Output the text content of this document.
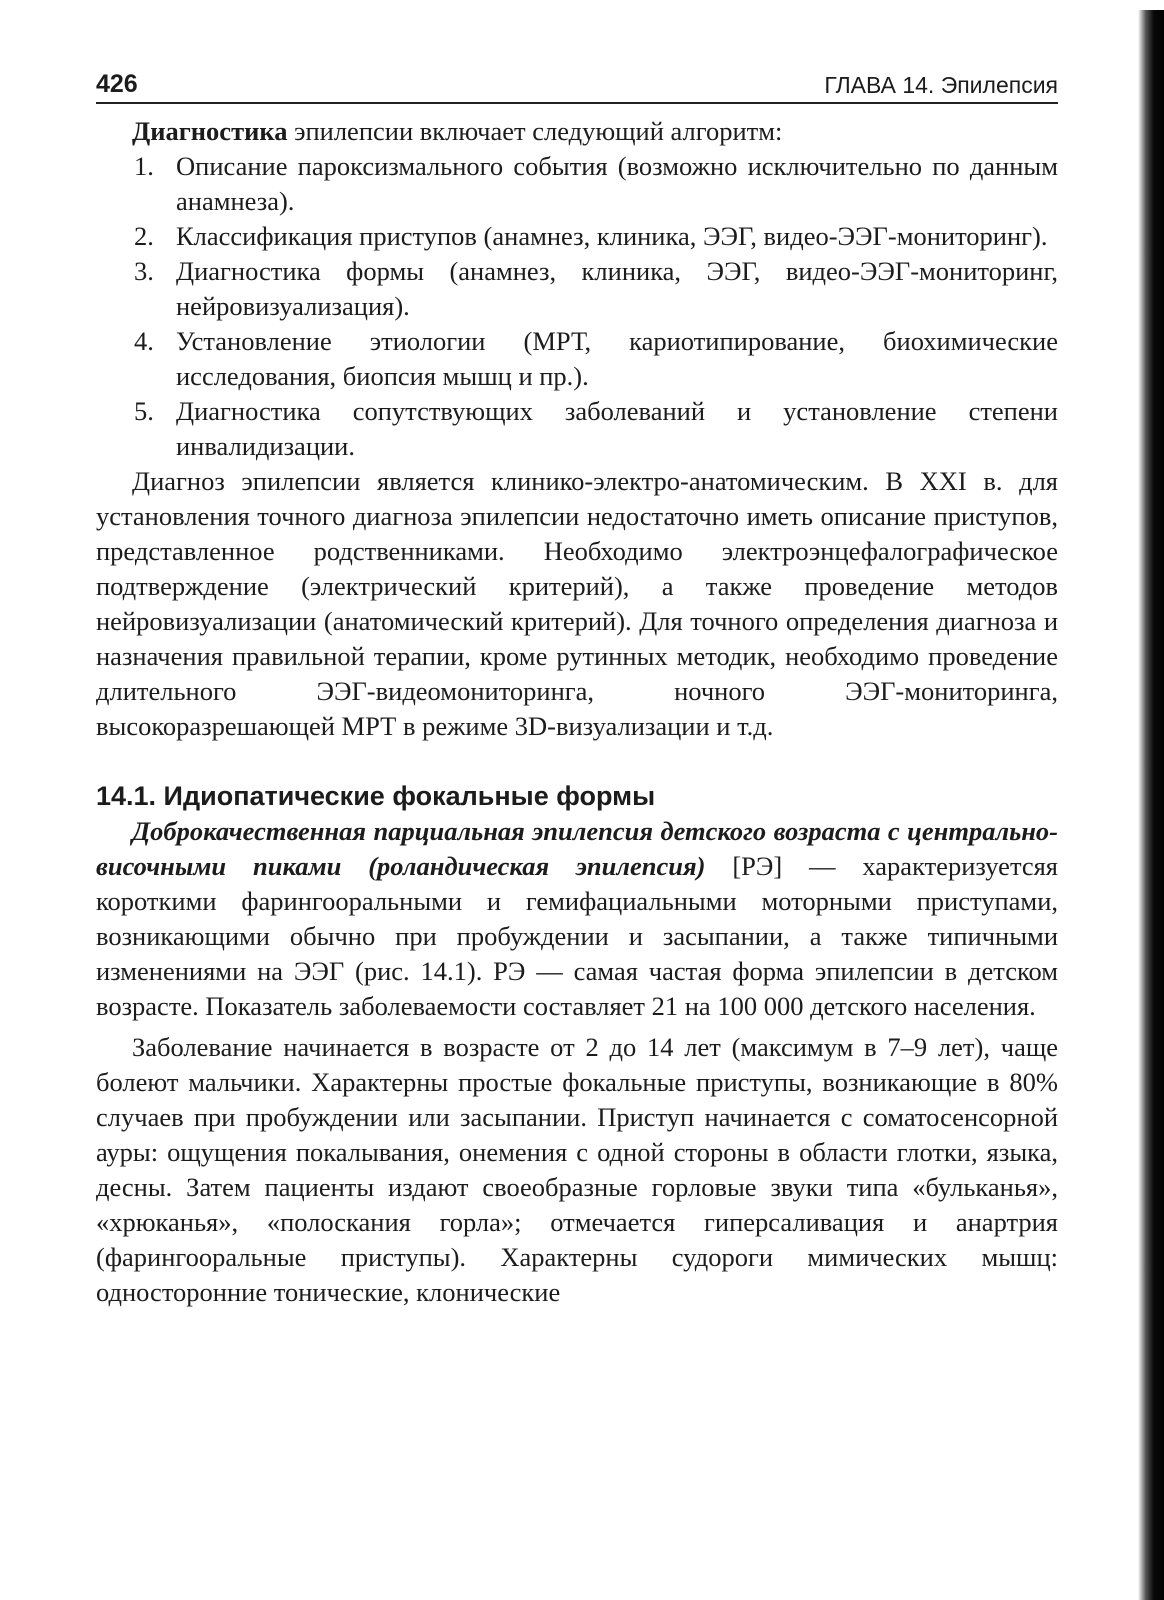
426	ГЛАВА 14. Эпилепсия

Диагностика эпилепсии включает следующий алгоритм:

1. Описание пароксизмального события (возможно исключительно по данным анамнеза).
2. Классификация приступов (анамнез, клиника, ЭЭГ, видео-ЭЭГ-мониторинг).
3. Диагностика формы (анамнез, клиника, ЭЭГ, видео-ЭЭГ-мониторинг, нейровизуализация).
4. Установление этиологии (МРТ, кариотипирование, биохимические исследования, биопсия мышц и пр.).
5. Диагностика сопутствующих заболеваний и установление степени инвалидизации.

Диагноз эпилепсии является клинико-электро-анатомическим. В XXI в. для установления точного диагноза эпилепсии недостаточно иметь описание приступов, представленное родственниками. Необходимо электроэнцефалографическое подтверждение (электрический критерий), а также проведение методов нейровизуализации (анатомический критерий). Для точного определения диагноза и назначения правильной терапии, кроме рутинных методик, необходимо проведение длительного ЭЭГ-видеомониторинга, ночного ЭЭГ-мониторинга, высокоразрешающей МРТ в режиме 3D-визуализации и т.д.

14.1. Идиопатические фокальные формы

Доброкачественная парциальная эпилепсия детского возраста с центрально-височными пиками (роландическая эпилепсия) [РЭ] — характеризуетсяя короткими фарингооральными и гемифациальными моторными приступами, возникающими обычно при пробуждении и засыпании, а также типичными изменениями на ЭЭГ (рис. 14.1). РЭ — самая частая форма эпилепсии в детском возрасте. Показатель заболеваемости составляет 21 на 100 000 детского населения.

Заболевание начинается в возрасте от 2 до 14 лет (максимум в 7–9 лет), чаще болеют мальчики. Характерны простые фокальные приступы, возникающие в 80% случаев при пробуждении или засыпании. Приступ начинается с соматосенсорной ауры: ощущения покалывания, онемения с одной стороны в области глотки, языка, десны. Затем пациенты издают своеобразные горловые звуки типа «бульканья», «хрюканья», «полоскания горла»; отмечается гиперсаливация и анартрия (фарингооральные приступы). Характерны судороги мимических мышц: односторонние тонические, клонические
